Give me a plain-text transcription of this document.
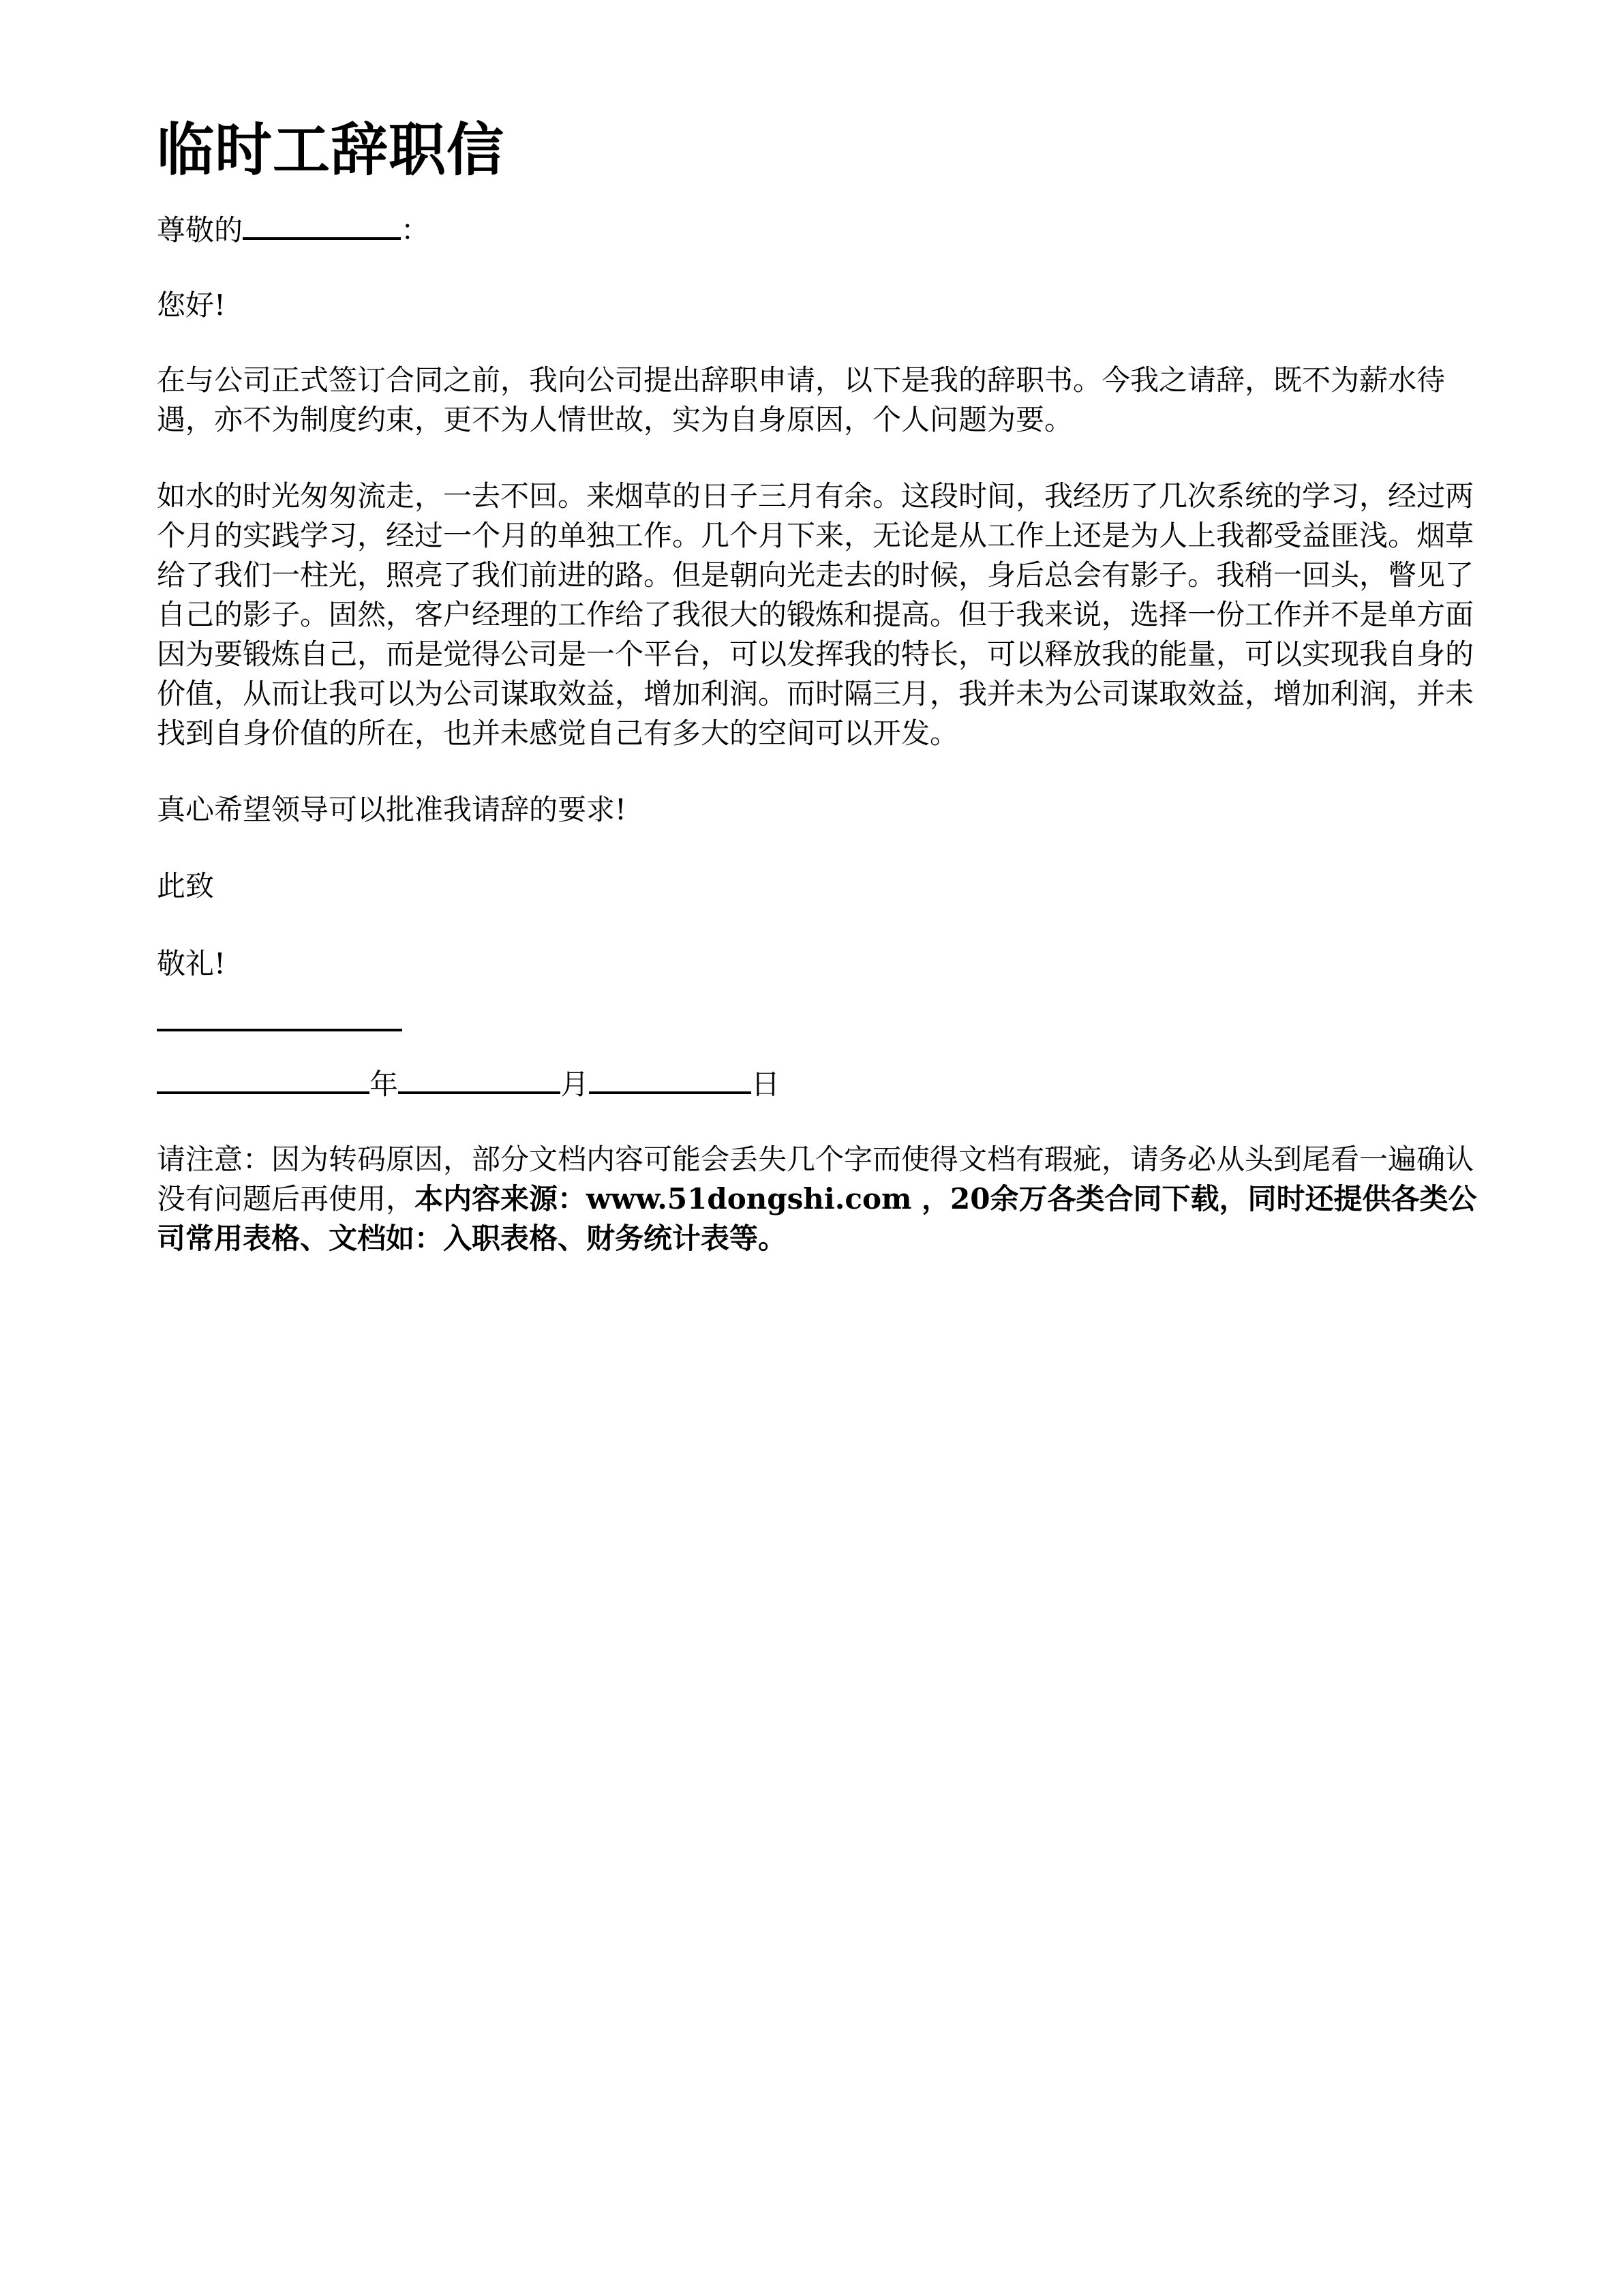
临时工辞职信

尊敬的	：

您好!

在与公司正式签订合同之前，我向公司提出辞职申请，以下是我的辞职书。今我之请辞，既不为薪水待遇，亦不为制度约束，更不为人情世故，实为自身原因，个人问题为要。

如水的时光匆匆流走，一去不回。来烟草的日子三月有余。这段时间，我经历了几次系统的学习，经过两个月的实践学习，经过一个月的单独工作。几个月下来，无论是从工作上还是为人上我都受益匪浅。烟草给了我们一柱光，照亮了我们前进的路。但是朝向光走去的时候，身后总会有影子。我稍一回头，瞥见了自己的影子。固然，客户经理的工作给了我很大的锻炼和提高。但于我来说，选择一份工作并不是单方面因为要锻炼自己，而是觉得公司是一个平台，可以发挥我的特长，可以释放我的能量，可以实现我自身的价值，从而让我可以为公司谋取效益，增加利润。而时隔三月，我并未为公司谋取效益，增加利润，并未找到自身价值的所在，也并未感觉自己有多大的空间可以开发。

真心希望领导可以批准我请辞的要求!

此致

敬礼!

年	月	日

请注意：因为转码原因，部分文档内容可能会丢失几个字而使得文档有瑕疵，请务必从头到尾看一遍确认没有问题后再使用，本内容来源：www.51dongshi.com ，20余万各类合同下载，同时还提供各类公司常用表格、文档如：入职表格、财务统计表等。
